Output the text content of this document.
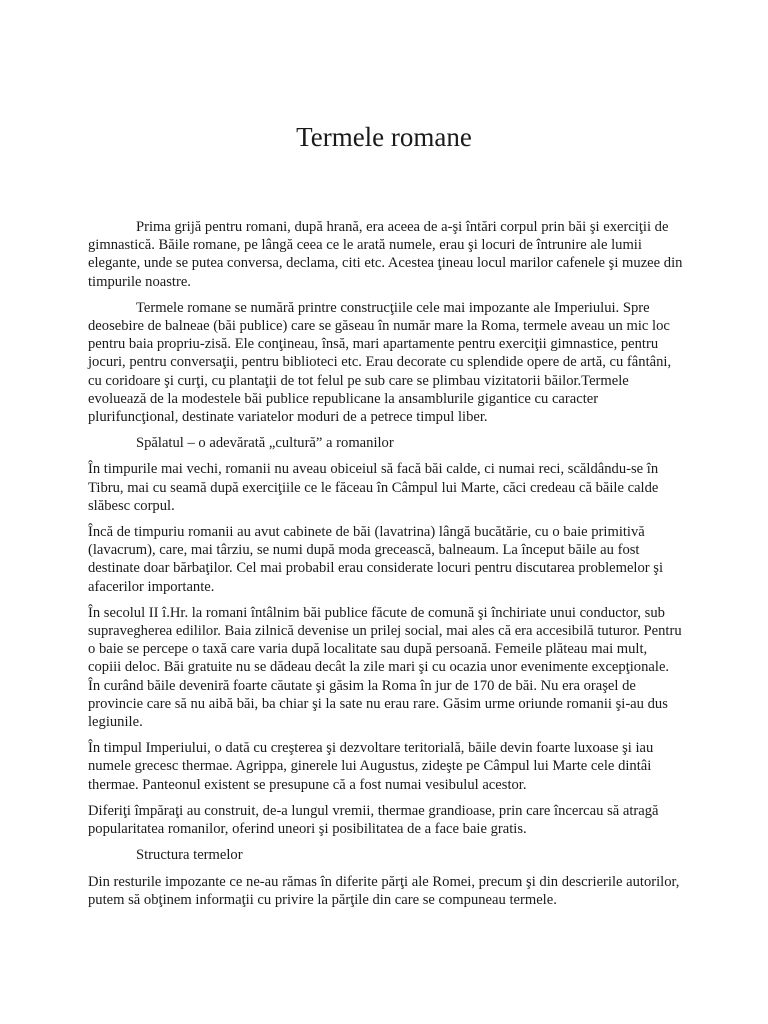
Termele romane

Prima grijă pentru romani, după hrană, era aceea de a-şi întări corpul prin băi şi exerciţii de gimnastică. Băile romane, pe lângă ceea ce le arată numele, erau şi locuri de întrunire ale lumii elegante, unde se putea conversa, declama, citi etc. Acestea ţineau locul marilor cafenele şi muzee din timpurile noastre.

Termele romane se numără printre construcţiile cele mai impozante ale Imperiului. Spre deosebire de balneae (băi publice) care se găseau în număr mare la Roma, termele aveau un mic loc pentru baia propriu-zisă. Ele conţineau, însă, mari apartamente pentru exerciţii gimnastice, pentru jocuri, pentru conversaţii, pentru biblioteci etc. Erau decorate cu splendide opere de artă, cu fântâni, cu coridoare şi curţi, cu plantaţii de tot felul pe sub care se plimbau vizitatorii băilor.Termele evoluează de la modestele băi publice republicane la ansamblurile gigantice cu caracter plurifuncţional, destinate variatelor moduri de a petrece timpul liber.

Spălatul – o adevărată „cultură” a romanilor

În timpurile mai vechi, romanii nu aveau obiceiul să facă băi calde, ci numai reci, scăldându-se în Tibru, mai cu seamă după exerciţiile ce le făceau în Câmpul lui Marte, căci credeau că băile calde slăbesc corpul.

Încă de timpuriu romanii au avut cabinete de băi (lavatrina) lângă bucătărie, cu o baie primitivă (lavacrum), care, mai târziu, se numi după moda grecească, balneaum. La început băile au fost destinate doar bărbaţilor. Cel mai probabil erau considerate locuri pentru discutarea problemelor şi afacerilor importante.

În secolul II î.Hr. la romani întâlnim băi publice făcute de comună şi închiriate unui conductor, sub supravegherea edililor. Baia zilnică devenise un prilej social, mai ales că era accesibilă tuturor. Pentru o baie se percepe o taxă care varia după localitate sau după persoană. Femeile plăteau mai mult, copiii deloc. Băi gratuite nu se dădeau decât la zile mari şi cu ocazia unor evenimente excepţionale. În curând băile deveniră foarte căutate şi găsim la Roma în jur de 170 de băi. Nu era oraşel de provincie care să nu aibă băi, ba chiar şi la sate nu erau rare. Găsim urme oriunde romanii şi-au dus legiunile.

În timpul Imperiului, o dată cu creşterea şi dezvoltare teritorială, băile devin foarte luxoase şi iau numele grecesc thermae. Agrippa, ginerele lui Augustus, zideşte pe Câmpul lui Marte cele dintâi thermae. Panteonul existent se presupune că a fost numai vesibulul acestor.

Diferiţi împăraţi au construit, de-a lungul vremii, thermae grandioase, prin care încercau să atragă popularitatea romanilor, oferind uneori şi posibilitatea de a face baie gratis.

Structura termelor

Din resturile impozante ce ne-au rămas în diferite părţi ale Romei, precum şi din descrierile autorilor, putem să obţinem informaţii cu privire la părţile din care se compuneau termele.
